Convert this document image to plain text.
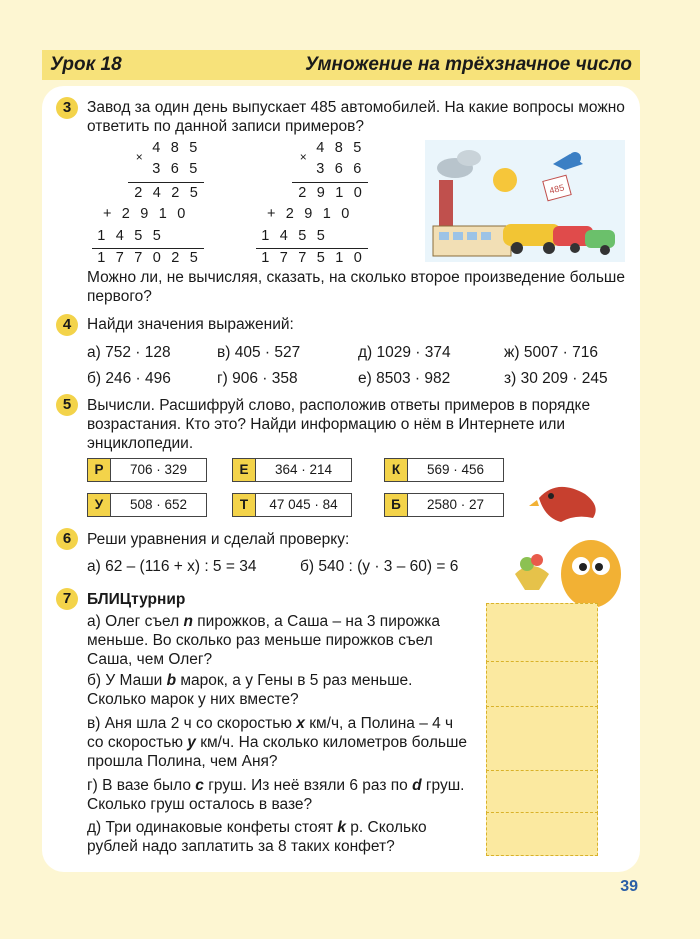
Урок 18	Умножение на трёхзначное число
3	Завод за один день выпускает 485 автомобилей. На какие вопросы можно ответить по данной записи примеров?
4 8 5
×
3 6 5
2 4 2 5
+ 2 9 1 0
1 4 5 5
1 7 7 0 2 5
4 8 5
×
3 6 6
2 9 1 0
+ 2 9 1 0
1 4 5 5
1 7 7 5 1 0
485
Можно ли, не вычисляя, сказать, на сколько второе произведение больше первого?
4	Найди значения выражений:
а) 752 · 128	в) 405 · 527	д) 1029 · 374	ж) 5007 · 716
б) 246 · 496	г) 906 · 358	е) 8503 · 982	з) 30 209 · 245
5	Вычисли. Расшифруй слово, расположив ответы примеров в порядке возрастания. Кто это? Найди информацию о нём в Интернете или энциклопедии.
Р	706 · 329	Е	364 · 214	К	569 · 456
У	508 · 652	Т	47 045 · 84	Б	2580 · 27
6	Реши уравнения и сделай проверку:
а) 62 – (116 + x) : 5 = 34	б) 540 : (y · 3 – 60) = 6
7	БЛИЦтурнир
а) Олег съел n пирожков, а Саша – на 3 пирожка меньше. Во сколько раз меньше пирожков съел Саша, чем Олег?
б) У Маши b марок, а у Гены в 5 раз меньше. Сколько марок у них вместе?
в) Аня шла 2 ч со скоростью x км/ч, а Полина – 4 ч со скоростью y км/ч. На сколько километров больше прошла Полина, чем Аня?
г) В вазе было c груш. Из неё взяли 6 раз по d груш. Сколько груш осталось в вазе?
д) Три одинаковые конфеты стоят k р. Сколько рублей надо заплатить за 8 таких конфет?
39
